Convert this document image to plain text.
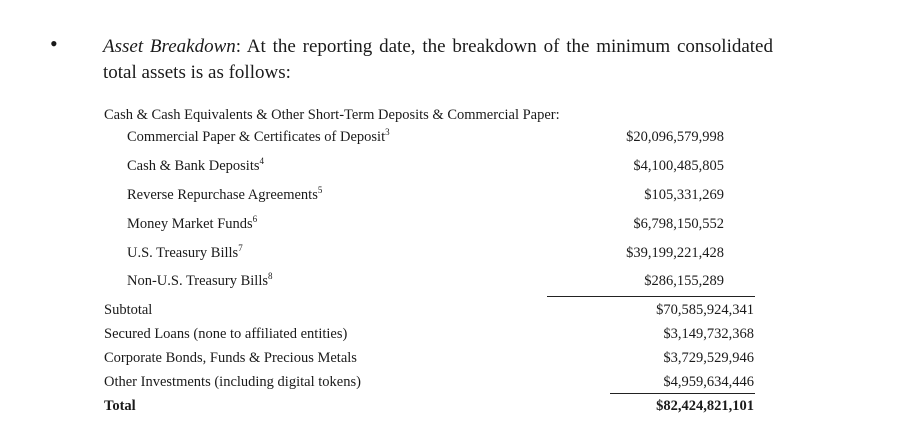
• Asset Breakdown: At the reporting date, the breakdown of the minimum consolidated total assets is as follows:
Cash & Cash Equivalents & Other Short-Term Deposits & Commercial Paper:
Commercial Paper & Certificates of Deposit$^3$	$20,096,579,998
Cash & Bank Deposits$^4$	$4,100,485,805
Reverse Repurchase Agreements$^5$	$105,331,269
Money Market Funds$^6$	$6,798,150,552
U.S. Treasury Bills$^7$	$39,199,221,428
Non-U.S. Treasury Bills$^8$	$286,155,289
Subtotal	$70,585,924,341
Secured Loans (none to affiliated entities)	$3,149,732,368
Corporate Bonds, Funds & Precious Metals	$3,729,529,946
Other Investments (including digital tokens)	$4,959,634,446
Total	$82,424,821,101
